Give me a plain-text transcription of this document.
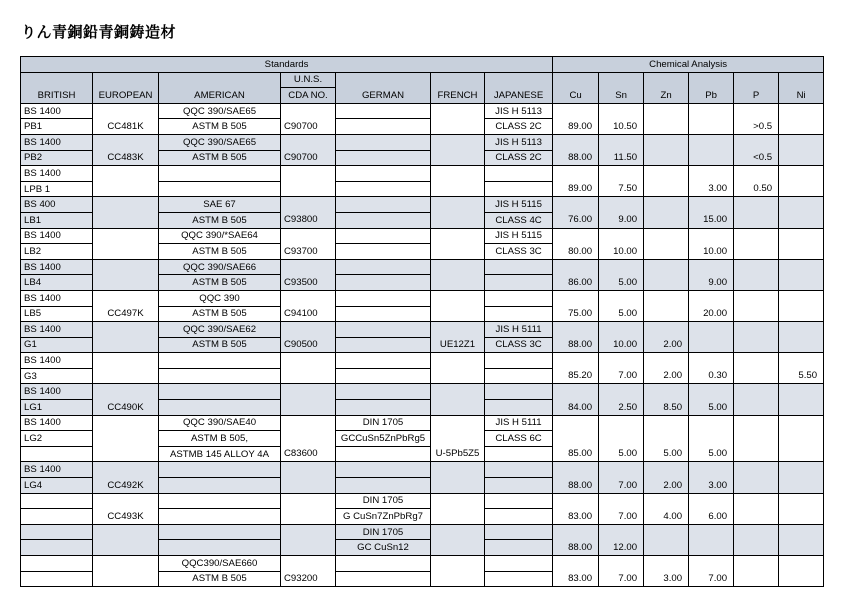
りん青銅鉛青銅鋳造材
Standards							Chemical Analysis					
			U.N.S.									
BRITISH	EUROPEAN	AMERICAN	CDA NO.	GERMAN	FRENCH	JAPANESE	Cu	Sn	Zn	Pb	P	Ni
BS 1400		QQC 390/SAE65				JIS H 5113						
PB1	CC481K	ASTM B 505	C90700			CLASS 2C	89.00	10.50			>0.5	
BS 1400		QQC 390/SAE65				JIS H 5113						
PB2	CC483K	ASTM B 505	C90700			CLASS 2C	88.00	11.50			<0.5	
BS 1400												
LPB 1							89.00	7.50		3.00	0.50	
BS 400		SAE 67				JIS H 5115						
LB1		ASTM B 505	C93800			CLASS 4C	76.00	9.00		15.00		
BS 1400		QQC 390/*SAE64				JIS H 5115						
LB2		ASTM B 505	C93700			CLASS 3C	80.00	10.00		10.00		
BS 1400		QQC 390/SAE66										
LB4		ASTM B 505	C93500				86.00	5.00		9.00		
BS 1400		QQC 390										
LB5	CC497K	ASTM B 505	C94100				75.00	5.00		20.00		
BS 1400		QQC 390/SAE62				JIS H 5111						
G1		ASTM B 505	C90500		UE12Z1	CLASS 3C	88.00	10.00	2.00			
BS 1400												
G3							85.20	7.00	2.00	0.30		5.50
BS 1400												
LG1	CC490K						84.00	2.50	8.50	5.00		
BS 1400		QQC 390/SAE40		DIN 1705		JIS H 5111						
LG2		ASTM B 505,		GCCuSn5ZnPbRg5		CLASS 6C						
		ASTMB 145 ALLOY 4A	C83600		U-5Pb5Z5		85.00	5.00	5.00	5.00		
BS 1400												
LG4	CC492K						88.00	7.00	2.00	3.00		
				DIN 1705								
	CC493K			G CuSn7ZnPbRg7			83.00	7.00	4.00	6.00		
				DIN 1705								
				GC CuSn12			88.00	12.00				
		QQC390/SAE660										
		ASTM B 505	C93200				83.00	7.00	3.00	7.00		
